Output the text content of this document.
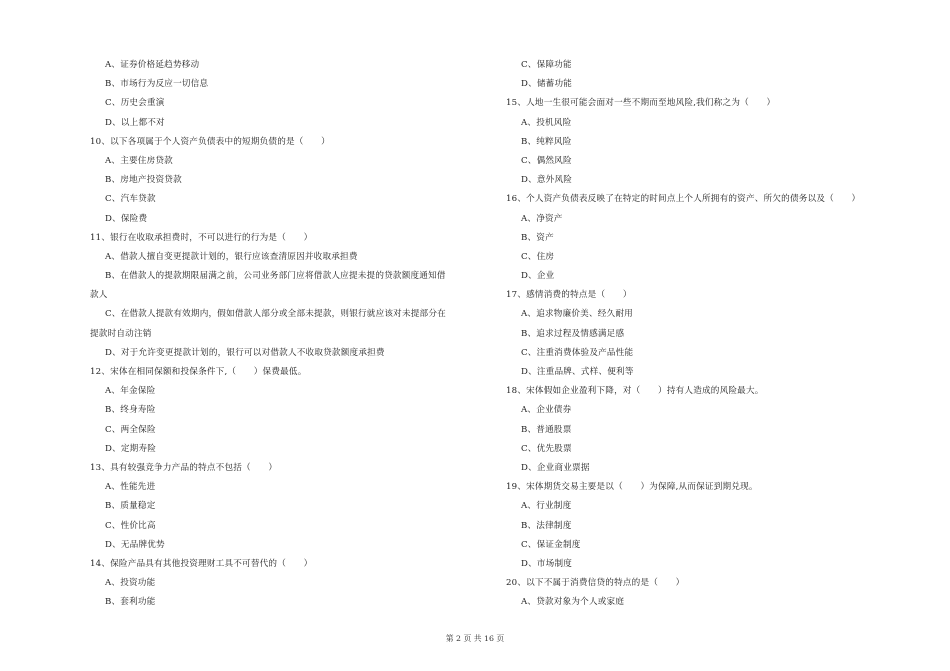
A、证券价格延趋势移动
B、市场行为反应一切信息
C、历史会重演
D、以上都不对
10、以下各项属于个人资产负债表中的短期负债的是（　　）
A、主要住房贷款
B、房地产投资贷款
C、汽车贷款
D、保险费
11、银行在收取承担费时，不可以进行的行为是（　　）
A、借款人擅自变更提款计划的，银行应该查清原因并收取承担费
B、在借款人的提款期限届满之前，公司业务部门应将借款人应提未提的贷款额度通知借
款人
C、在借款人提款有效期内，假如借款人部分或全部未提款，则银行就应该对未提部分在
提款时自动注销
D、对于允许变更提款计划的，银行可以对借款人不收取贷款额度承担费
12、宋体在相同保额和投保条件下,（　　）保费最低。
A、年金保险
B、终身寿险
C、两全保险
D、定期寿险
13、具有较强竞争力产品的特点不包括（　　）
A、性能先进
B、质量稳定
C、性价比高
D、无品牌优势
14、保险产品具有其他投资理财工具不可替代的（　　）
A、投资功能
B、套利功能
C、保障功能
D、储蓄功能
15、人地一生很可能会面对一些不期而至地风险,我们称之为（　　）
A、投机风险
B、纯粹风险
C、偶然风险
D、意外风险
16、个人资产负债表反映了在特定的时间点上个人所拥有的资产、所欠的债务以及（　　）
A、净资产
B、资产
C、住房
D、企业
17、感情消费的特点是（　　）
A、追求物廉价美、经久耐用
B、追求过程及情感满足感
C、注重消费体验及产品性能
D、注重品牌、式样、便利等
18、宋体假如企业盈利下降，对（　　）持有人造成的风险最大。
A、企业债券
B、普通股票
C、优先股票
D、企业商业票据
19、宋体期货交易主要是以（　　）为保障,从而保证到期兑现。
A、行业制度
B、法律制度
C、保证金制度
D、市场制度
20、以下不属于消费信贷的特点的是（　　）
A、贷款对象为个人或家庭
第 2 页 共 16 页
